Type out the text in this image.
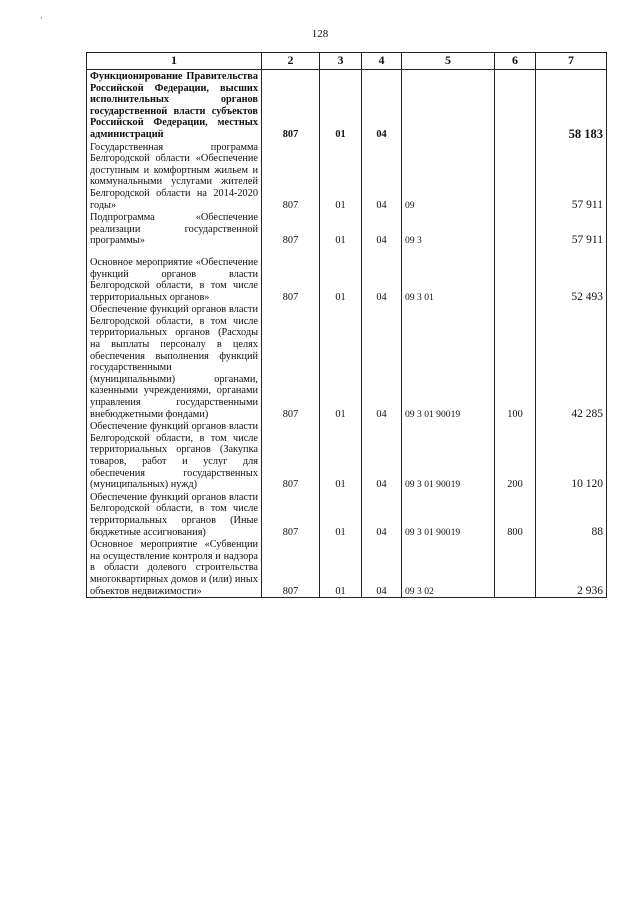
·
128
1	2	3	4	5	6	7
Функционирование Правительства Российской Федерации, высших исполнительных органов государственной власти субъектов Российской Федерации, местных администраций	807	01	04			58 183
Государственная программа Белгородской области «Обеспечение доступным и комфортным жильем и коммунальными услугами жителей Белгородской области на 2014-2020 годы»	807	01	04	09		57 911
Подпрограмма «Обеспечение реализации государственной программы»	807	01	04	09 3		57 911
Основное мероприятие «Обеспечение функций органов власти Белгородской области, в том числе территориальных органов»	807	01	04	09 3 01		52 493
Обеспечение функций органов власти Белгородской области, в том числе территориальных органов (Расходы на выплаты персоналу в целях обеспечения выполнения функций государственными (муниципальными) органами, казенными учреждениями, органами управления государственными внебюджетными фондами)	807	01	04	09 3 01 90019	100	42 285
Обеспечение функций органов власти Белгородской области, в том числе территориальных органов (Закупка товаров, работ и услуг для обеспечения государственных (муниципальных) нужд)	807	01	04	09 3 01 90019	200	10 120
Обеспечение функций органов власти Белгородской области, в том числе территориальных органов (Иные бюджетные ассигнования)	807	01	04	09 3 01 90019	800	88
Основное мероприятие «Субвенции на осуществление контроля и надзора в области долевого строительства многоквартирных домов и (или) иных объектов недвижимости»	807	01	04	09 3 02		2 936
